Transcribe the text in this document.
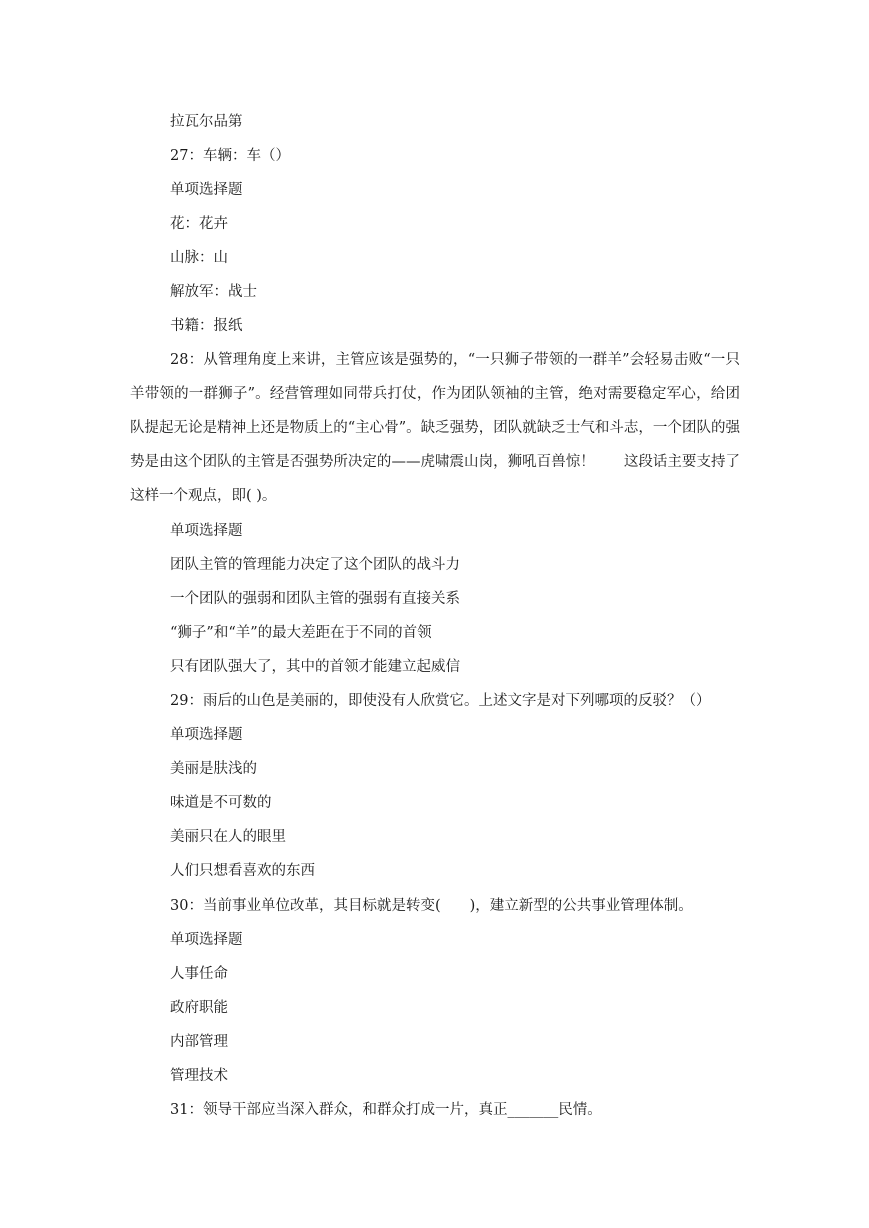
拉瓦尔品第
27：车辆：车（）
单项选择题
花：花卉
山脉：山
解放军：战士
书籍：报纸
28：从管理角度上来讲，主管应该是强势的，“一只狮子带领的一群羊”会轻易击败“一只羊带领的一群狮子”。经营管理如同带兵打仗，作为团队领袖的主管，绝对需要稳定军心，给团队提起无论是精神上还是物质上的“主心骨”。缺乏强势，团队就缺乏士气和斗志，一个团队的强势是由这个团队的主管是否强势所决定的——虎啸震山岗，狮吼百兽惊！　　这段话主要支持了这样一个观点，即( )。
单项选择题
团队主管的管理能力决定了这个团队的战斗力
一个团队的强弱和团队主管的强弱有直接关系
“狮子”和“羊”的最大差距在于不同的首领
只有团队强大了，其中的首领才能建立起威信
29：雨后的山色是美丽的，即使没有人欣赏它。上述文字是对下列哪项的反驳？（）
单项选择题
美丽是肤浅的
味道是不可数的
美丽只在人的眼里
人们只想看喜欢的东西
30：当前事业单位改革，其目标就是转变(　　)，建立新型的公共事业管理体制。
单项选择题
人事任命
政府职能
内部管理
管理技术
31：领导干部应当深入群众，和群众打成一片，真正_______民情。
